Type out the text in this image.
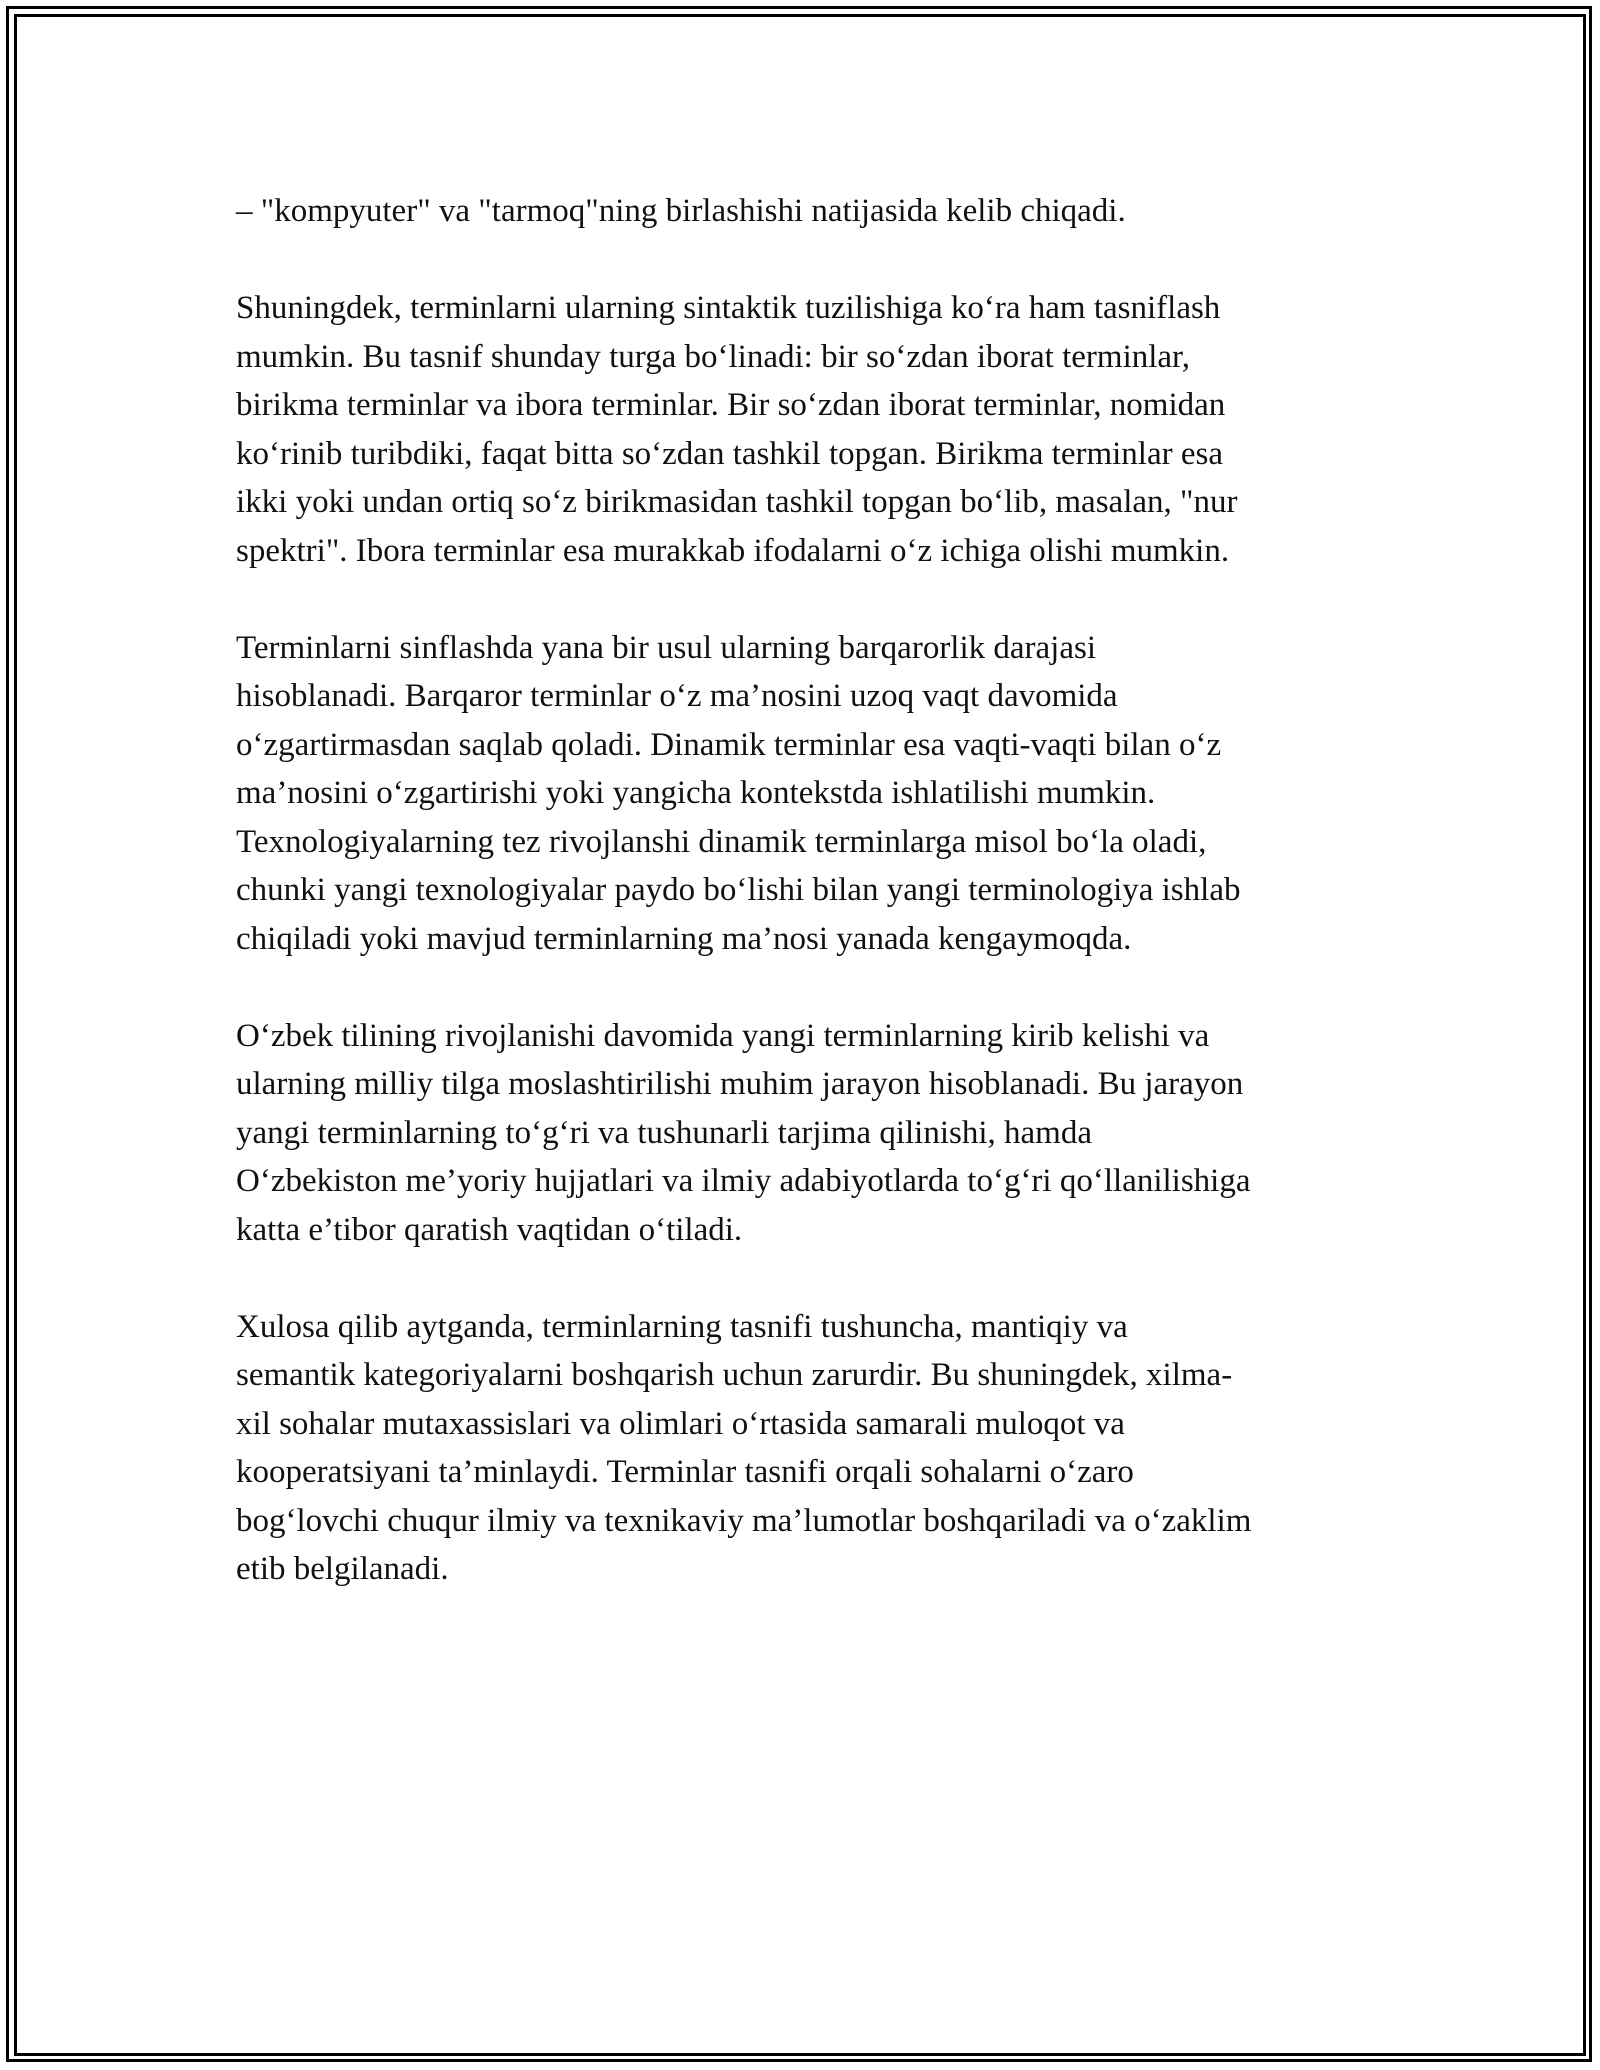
– "kompyuter" va "tarmoq"ning birlashishi natijasida kelib chiqadi.

Shuningdek, terminlarni ularning sintaktik tuzilishiga ko‘ra ham tasniflash
mumkin. Bu tasnif shunday turga bo‘linadi: bir so‘zdan iborat terminlar,
birikma terminlar va ibora terminlar. Bir so‘zdan iborat terminlar, nomidan
ko‘rinib turibdiki, faqat bitta so‘zdan tashkil topgan. Birikma terminlar esa
ikki yoki undan ortiq so‘z birikmasidan tashkil topgan bo‘lib, masalan, "nur
spektri". Ibora terminlar esa murakkab ifodalarni o‘z ichiga olishi mumkin.

Terminlarni sinflashda yana bir usul ularning barqarorlik darajasi
hisoblanadi. Barqaror terminlar o‘z ma’nosini uzoq vaqt davomida
o‘zgartirmasdan saqlab qoladi. Dinamik terminlar esa vaqti-vaqti bilan o‘z
ma’nosini o‘zgartirishi yoki yangicha kontekstda ishlatilishi mumkin.
Texnologiyalarning tez rivojlanshi dinamik terminlarga misol bo‘la oladi,
chunki yangi texnologiyalar paydo bo‘lishi bilan yangi terminologiya ishlab
chiqiladi yoki mavjud terminlarning ma’nosi yanada kengaymoqda.

O‘zbek tilining rivojlanishi davomida yangi terminlarning kirib kelishi va
ularning milliy tilga moslashtirilishi muhim jarayon hisoblanadi. Bu jarayon
yangi terminlarning to‘g‘ri va tushunarli tarjima qilinishi, hamda
O‘zbekiston me’yoriy hujjatlari va ilmiy adabiyotlarda to‘g‘ri qo‘llanilishiga
katta e’tibor qaratish vaqtidan o‘tiladi.

Xulosa qilib aytganda, terminlarning tasnifi tushuncha, mantiqiy va
semantik kategoriyalarni boshqarish uchun zarurdir. Bu shuningdek, xilma-
xil sohalar mutaxassislari va olimlari o‘rtasida samarali muloqot va
kooperatsiyani ta’minlaydi. Terminlar tasnifi orqali sohalarni o‘zaro
bog‘lovchi chuqur ilmiy va texnikaviy ma’lumotlar boshqariladi va o‘zaklim
etib belgilanadi.
